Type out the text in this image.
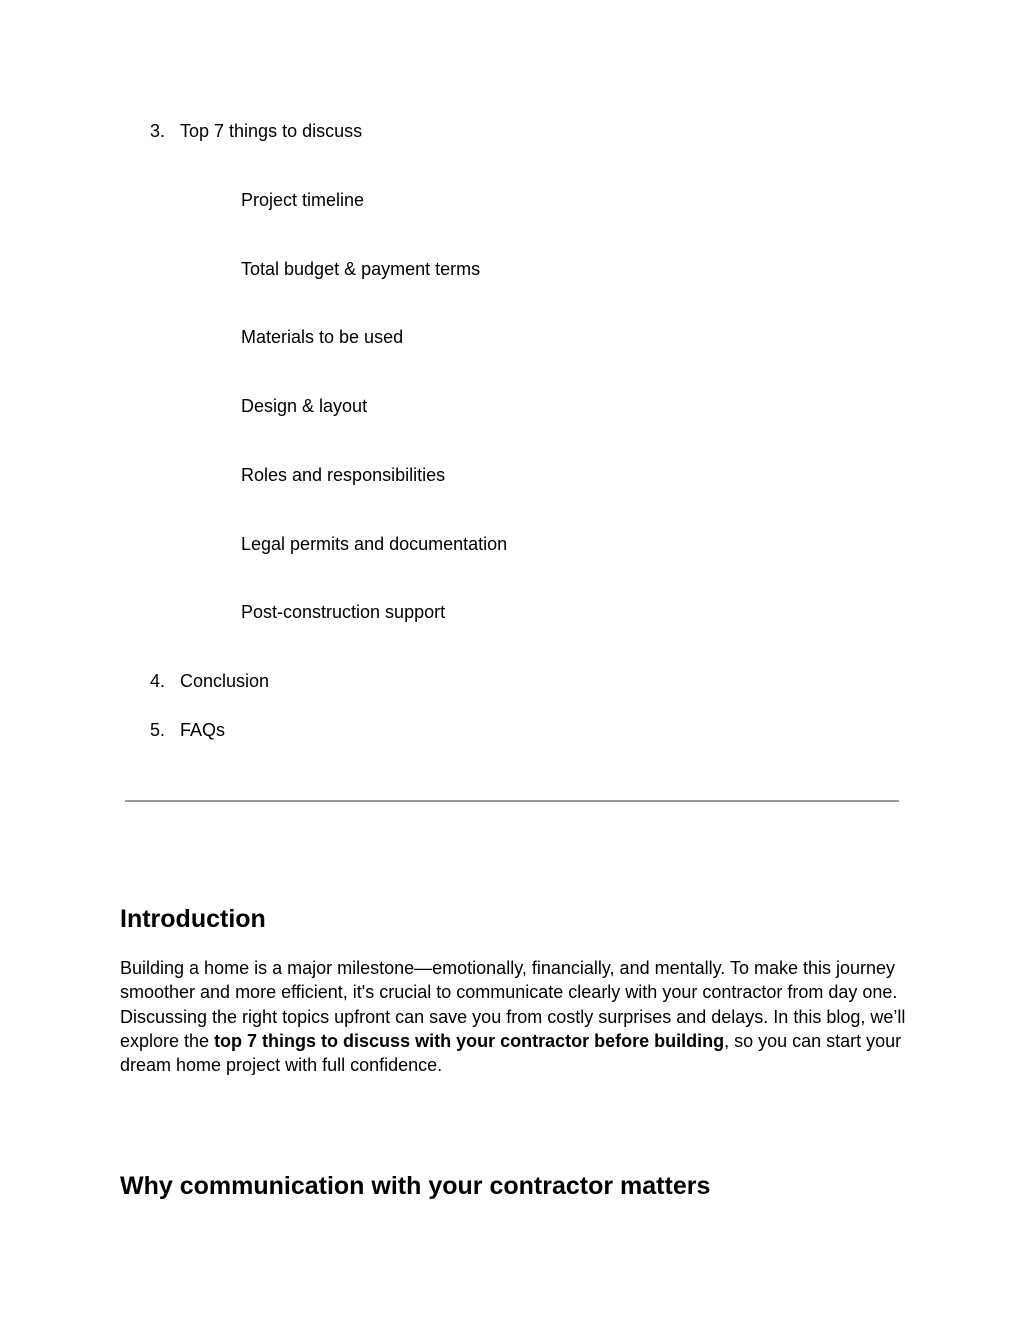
3. Top 7 things to discuss
Project timeline
Total budget & payment terms
Materials to be used
Design & layout
Roles and responsibilities
Legal permits and documentation
Post-construction support
4. Conclusion
5. FAQs
Introduction

Building a home is a major milestone—emotionally, financially, and mentally. To make this journey smoother and more efficient, it's crucial to communicate clearly with your contractor from day one. Discussing the right topics upfront can save you from costly surprises and delays. In this blog, we’ll explore the top 7 things to discuss with your contractor before building, so you can start your dream home project with full confidence.

Why communication with your contractor matters
